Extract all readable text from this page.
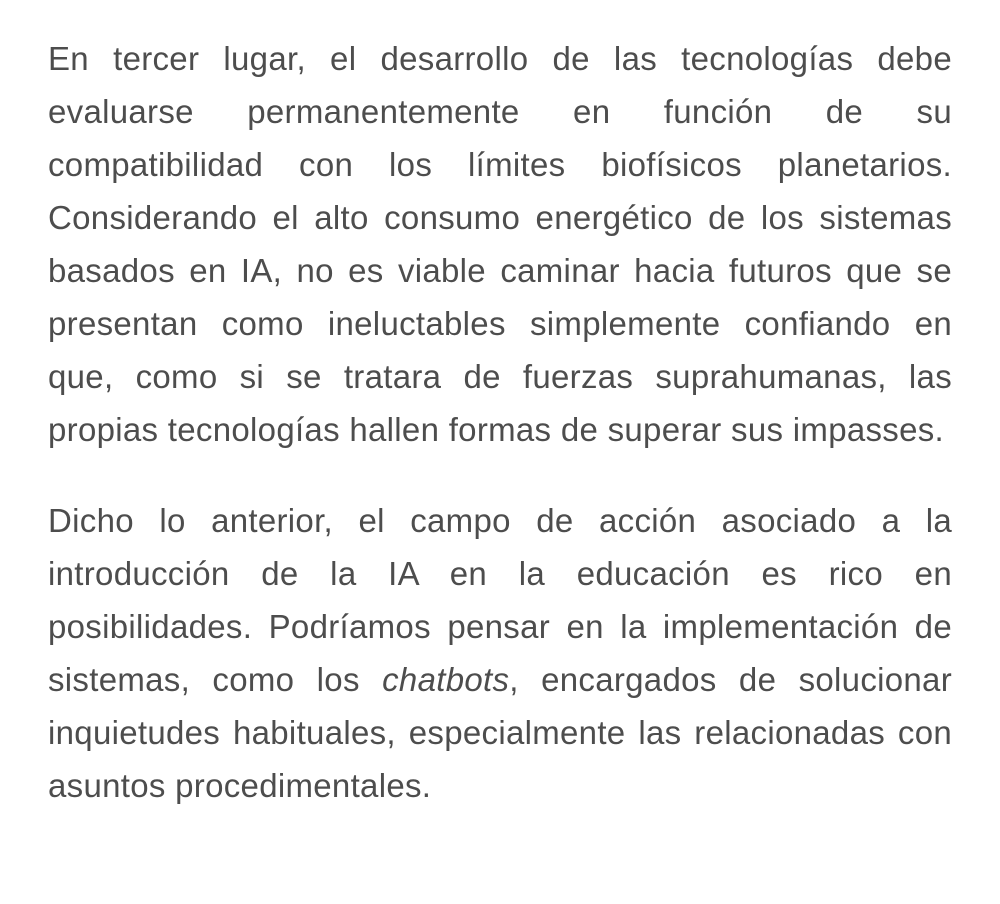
En tercer lugar, el desarrollo de las tecnologías debe evaluarse permanentemente en función de su compatibilidad con los límites biofísicos planetarios. Considerando el alto consumo energético de los sistemas basados en IA, no es viable caminar hacia futuros que se presentan como ineluctables simplemente confiando en que, como si se tratara de fuerzas suprahumanas, las propias tecnologías hallen formas de superar sus impasses.

Dicho lo anterior, el campo de acción asociado a la introducción de la IA en la educación es rico en posibilidades. Podríamos pensar en la implementación de sistemas, como los chatbots, encargados de solucionar inquietudes habituales, especialmente las relacionadas con asuntos procedimentales.
